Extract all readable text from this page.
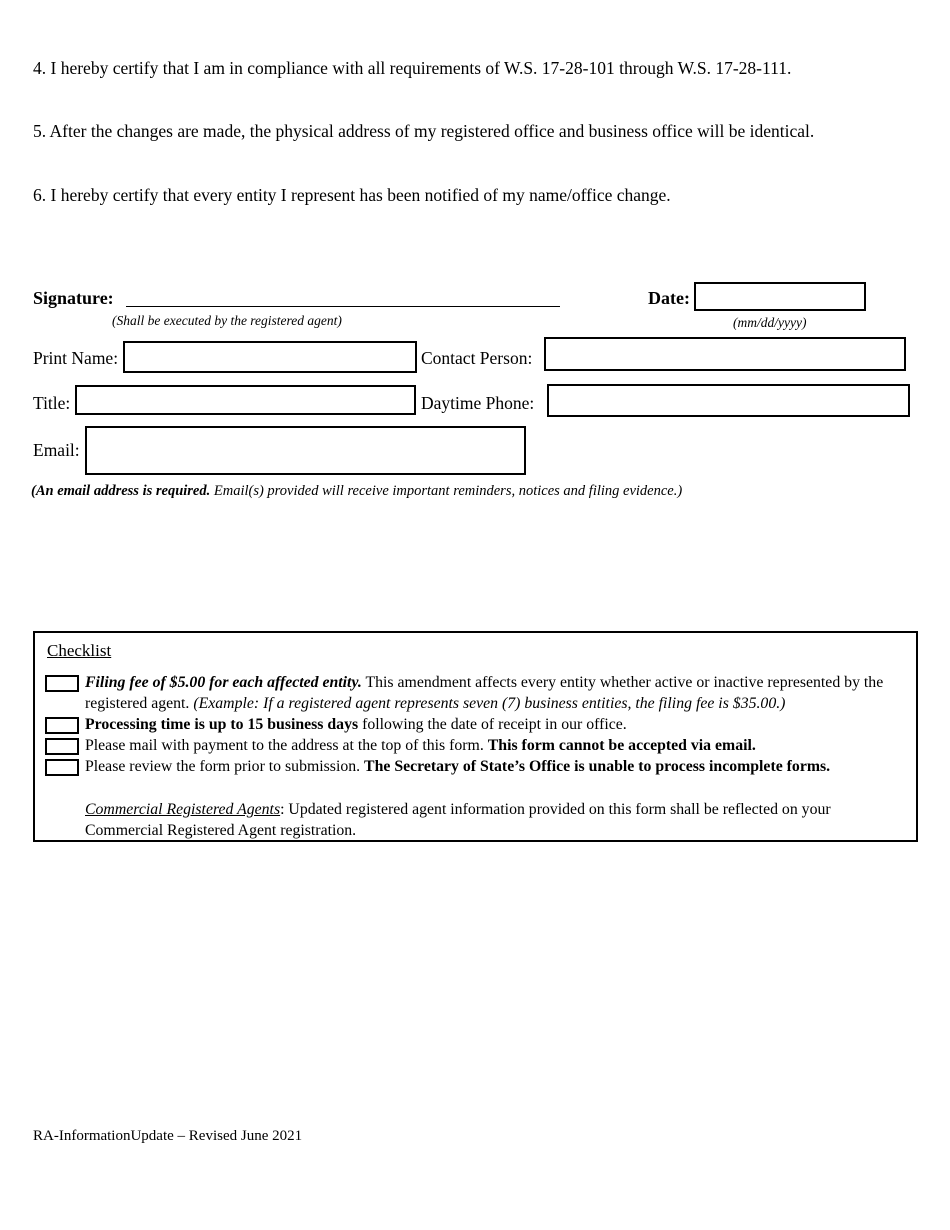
4. I hereby certify that I am in compliance with all requirements of W.S. 17-28-101 through W.S. 17-28-111.
5. After the changes are made, the physical address of my registered office and business office will be identical.
6. I hereby certify that every entity I represent has been notified of my name/office change.
Signature:
(Shall be executed by the registered agent)
Date:
(mm/dd/yyyy)
Print Name:	Contact Person:
Title:	Daytime Phone:
Email:
(An email address is required. Email(s) provided will receive important reminders, notices and filing evidence.)
Checklist
Filing fee of $5.00 for each affected entity. This amendment affects every entity whether active or inactive represented by the registered agent. (Example: If a registered agent represents seven (7) business entities, the filing fee is $35.00.)
Processing time is up to 15 business days following the date of receipt in our office.
Please mail with payment to the address at the top of this form. This form cannot be accepted via email.
Please review the form prior to submission. The Secretary of State’s Office is unable to process incomplete forms.
Commercial Registered Agents: Updated registered agent information provided on this form shall be reflected on your Commercial Registered Agent registration.
RA-InformationUpdate – Revised June 2021
